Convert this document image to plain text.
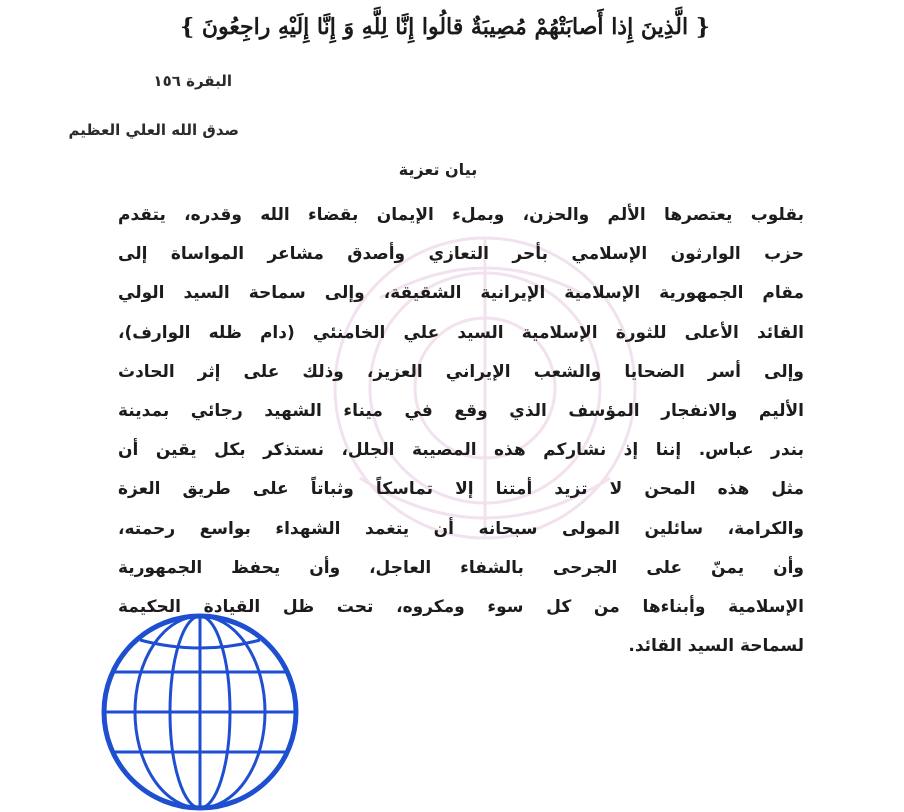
{ الَّذِينَ إِذا أَصابَتْهُمْ مُصِيبَةٌ قالُوا إِنَّا لِلَّهِ وَ إِنَّا إِلَيْهِ راجِعُونَ }
البقرة ١٥٦
صدق الله العلي العظيم
بيان تعزية
بقلوب يعتصرها الألم والحزن، وبملء الإيمان بقضاء الله وقدره، يتقدم
حزب الوارثون الإسلامي بأحر التعازي وأصدق مشاعر المواساة إلى
مقام الجمهورية الإسلامية الإيرانية الشقيقة، وإلى سماحة السيد الولي
القائد الأعلى للثورة الإسلامية السيد علي الخامنئي (دام ظله الوارف)،
وإلى أسر الضحايا والشعب الإيراني العزيز، وذلك على إثر الحادث
الأليم والانفجار المؤسف الذي وقع في ميناء الشهيد رجائي بمدينة
بندر عباس. إننا إذ نشاركم هذه المصيبة الجلل، نستذكر بكل يقين أن
مثل هذه المحن لا تزيد أمتنا إلا تماسكاً وثباتاً على طريق العزة
والكرامة، سائلين المولى سبحانه أن يتغمد الشهداء بواسع رحمته،
وأن يمنّ على الجرحى بالشفاء العاجل، وأن يحفظ الجمهورية
الإسلامية وأبناءها من كل سوء ومكروه، تحت ظل القيادة الحكيمة
لسماحة السيد القائد.
